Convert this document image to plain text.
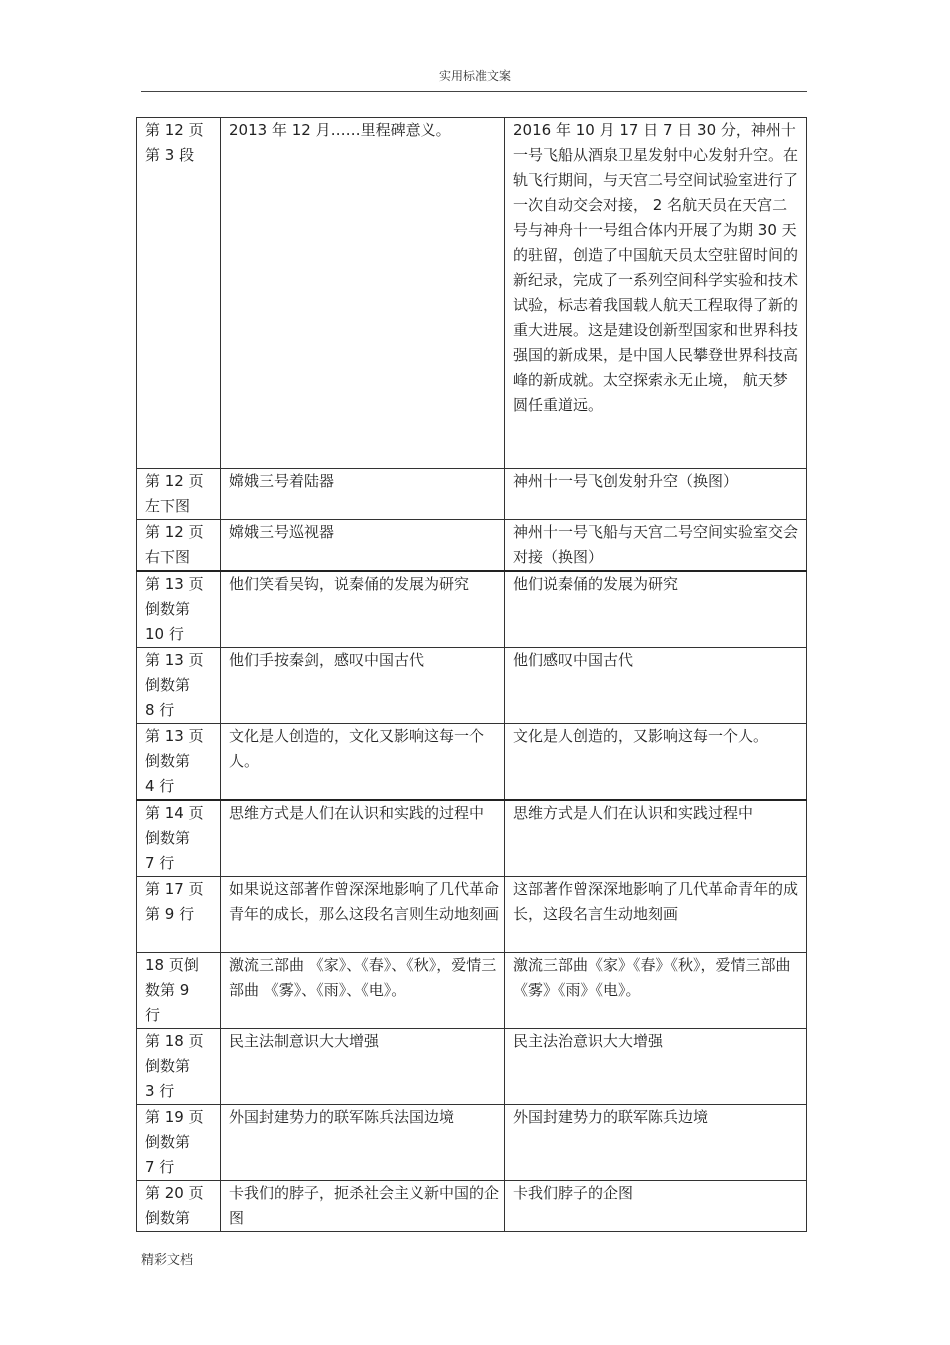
实用标准文案
第 12 页
第 3 段	2013 年 12 月……里程碑意义。	2016 年 10 月 17 日 7 日 30 分，神州十一号飞船从酒泉卫星发射中心发射升空。在轨飞行期间，与天宫二号空间试验室进行了一次自动交会对接， 2 名航天员在天宫二号与神舟十一号组合体内开展了为期 30 天的驻留，创造了中国航天员太空驻留时间的新纪录，完成了一系列空间科学实验和技术试验，标志着我国载人航天工程取得了新的重大进展。这是建设创新型国家和世界科技强国的新成果，是中国人民攀登世界科技高峰的新成就。太空探索永无止境， 航天梦圆任重道远。

第 12 页
左下图	嫦娥三号着陆器	神州十一号飞创发射升空（换图）

第 12 页
右下图	嫦娥三号巡视器	神州十一号飞船与天宫二号空间实验室交会对接（换图）

第 13 页
倒数第
10 行	他们笑看吴钩，说秦俑的发展为研究	他们说秦俑的发展为研究

第 13 页
倒数第
8 行	他们手按秦剑，感叹中国古代	他们感叹中国古代

第 13 页
倒数第
4 行	文化是人创造的，文化又影响这每一个人。	文化是人创造的，又影响这每一个人。

第 14 页
倒数第
7 行	思维方式是人们在认识和实践的过程中	思维方式是人们在认识和实践过程中

第 17 页
第 9 行	如果说这部著作曾深深地影响了几代革命青年的成长，那么这段名言则生动地刻画	这部著作曾深深地影响了几代革命青年的成长，这段名言生动地刻画

18 页倒
数第 9
行	激流三部曲 《家》、《春》、《秋》，爱情三部曲 《雾》、《雨》、《电》。	激流三部曲《家》《春》《秋》，爱情三部曲《雾》《雨》《电》。

第 18 页
倒数第
3 行	民主法制意识大大增强	民主法治意识大大增强

第 19 页
倒数第
7 行	外国封建势力的联军陈兵法国边境	外国封建势力的联军陈兵边境

第 20 页
倒数第	卡我们的脖子，扼杀社会主义新中国的企图	卡我们脖子的企图
精彩文档
